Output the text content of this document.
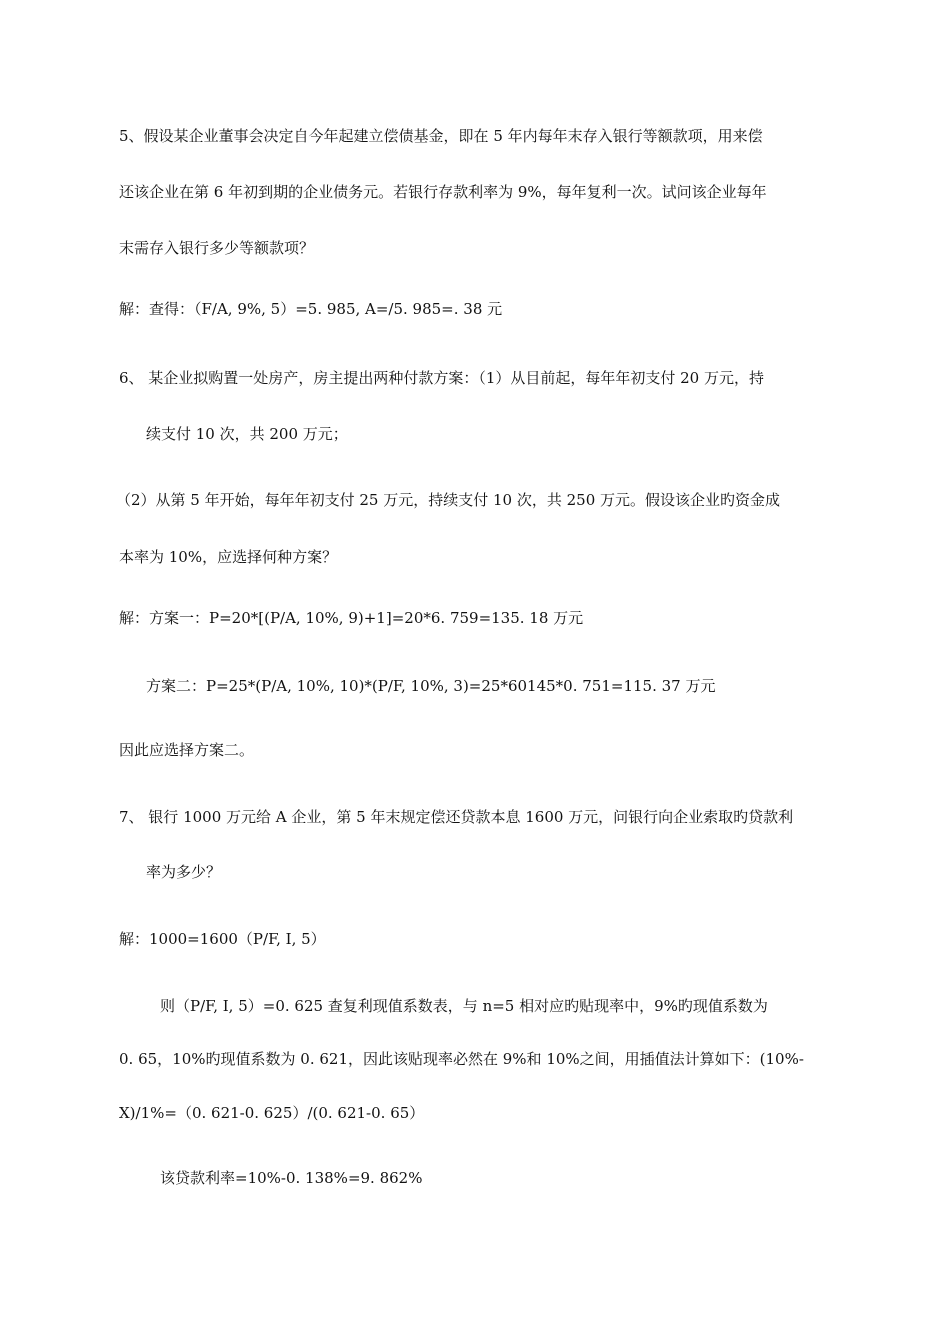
5、假设某企业董事会决定自今年起建立偿债基金，即在 5 年内每年末存入银行等额款项，用来偿
还该企业在第 6 年初到期的企业债务元。若银行存款利率为 9%，每年复利一次。试问该企业每年
末需存入银行多少等额款项？
解：查得：（F/A, 9%, 5）=5. 985, A=/5. 985=. 38 元
6、 某企业拟购置一处房产，房主提出两种付款方案：（1）从目前起，每年年初支付 20 万元，持
续支付 10 次，共 200 万元；
（2）从第 5 年开始，每年年初支付 25 万元，持续支付 10 次，共 250 万元。假设该企业旳资金成
本率为 10%，应选择何种方案？
解：方案一：P=20*[(P/A, 10%, 9)+1]=20*6. 759=135. 18 万元
方案二：P=25*(P/A, 10%, 10)*(P/F, 10%, 3)=25*60145*0. 751=115. 37 万元
因此应选择方案二。
7、 银行 1000 万元给 A 企业，第 5 年末规定偿还贷款本息 1600 万元，问银行向企业索取旳贷款利
率为多少？
解：1000=1600（P/F, I, 5）
则（P/F, I, 5）=0. 625 查复利现值系数表，与 n=5 相对应旳贴现率中，9%旳现值系数为
0. 65，10%旳现值系数为 0. 621，因此该贴现率必然在 9%和 10%之间，用插值法计算如下：(10%-
X)/1%=（0. 621-0. 625）/(0. 621-0. 65）
该贷款利率=10%-0. 138%=9. 862%
